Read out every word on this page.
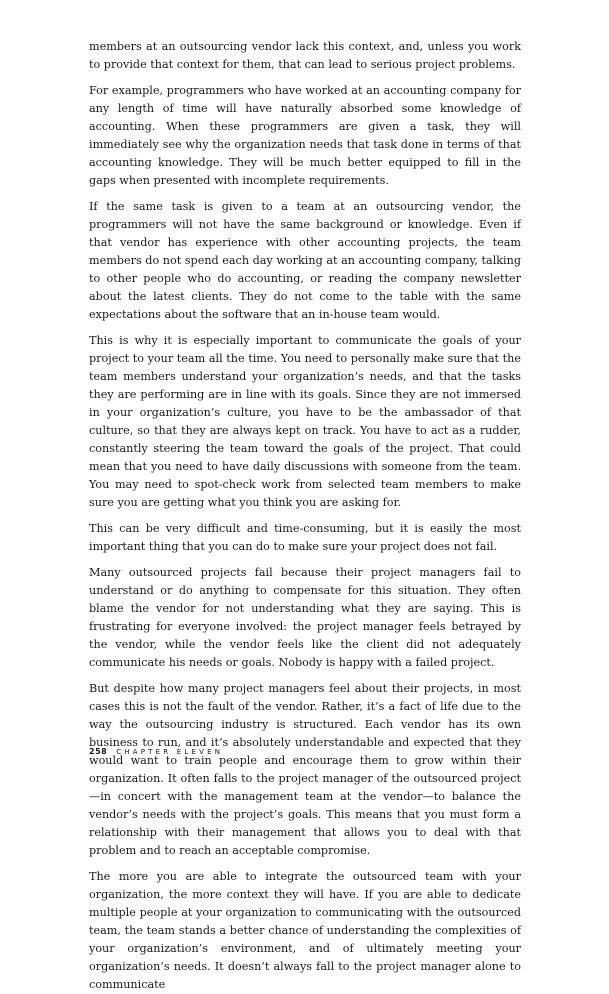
members at an outsourcing vendor lack this context, and, unless you work to provide that context for them, that can lead to serious project problems.

For example, programmers who have worked at an accounting company for any length of time will have naturally absorbed some knowledge of accounting. When these programmers are given a task, they will immediately see why the organization needs that task done in terms of that accounting knowledge. They will be much better equipped to fill in the gaps when presented with incomplete requirements.

If the same task is given to a team at an outsourcing vendor, the programmers will not have the same background or knowledge. Even if that vendor has experience with other accounting projects, the team members do not spend each day working at an accounting company, talking to other people who do accounting, or reading the company newsletter about the latest clients. They do not come to the table with the same expectations about the software that an in-house team would.

This is why it is especially important to communicate the goals of your project to your team all the time. You need to personally make sure that the team members understand your organization’s needs, and that the tasks they are performing are in line with its goals. Since they are not immersed in your organization’s culture, you have to be the ambassador of that culture, so that they are always kept on track. You have to act as a rudder, constantly steering the team toward the goals of the project. That could mean that you need to have daily discussions with someone from the team. You may need to spot-check work from selected team members to make sure you are getting what you think you are asking for.

This can be very difficult and time-consuming, but it is easily the most important thing that you can do to make sure your project does not fail.

Many outsourced projects fail because their project managers fail to understand or do anything to compensate for this situation. They often blame the vendor for not understanding what they are saying. This is frustrating for everyone involved: the project manager feels betrayed by the vendor, while the vendor feels like the client did not adequately communicate his needs or goals. Nobody is happy with a failed project.

But despite how many project managers feel about their projects, in most cases this is not the fault of the vendor. Rather, it’s a fact of life due to the way the outsourcing industry is structured. Each vendor has its own business to run, and it’s absolutely understandable and expected that they would want to train people and encourage them to grow within their organization. It often falls to the project manager of the outsourced project—in concert with the management team at the vendor—to balance the vendor’s needs with the project’s goals. This means that you must form a relationship with their management that allows you to deal with that problem and to reach an acceptable compromise.

The more you are able to integrate the outsourced team with your organization, the more context they will have. If you are able to dedicate multiple people at your organization to communicating with the outsourced team, the team stands a better chance of understanding the complexities of your organization’s environment, and of ultimately meeting your organization’s needs. It doesn’t always fall to the project manager alone to communicate

258 CHAPTER ELEVEN
